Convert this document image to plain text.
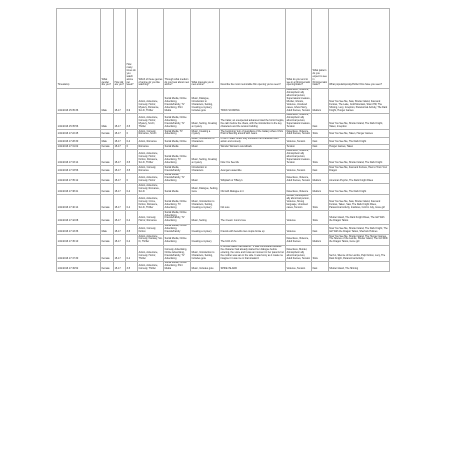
Timestamp	What gender are you?	How old are you?	How many times do you watch anime per week?	Which of these genres of anime do you like watching?	Through what medium do you hear about new anime?	What interests you in new anime?	Describe the most memorable film opening you've seen?	What do you tend to see in a film/cinematic opening/trailer?	What pattern do you expect to see in film/cinematic trailer?	What popular/spooky/thriller films have you seen?
1/21/2016 15:35:36	Male	15-17	6-9	Action, Adventure, Comedy, Horror, Mystery, Romance, Sci-Fi, Thriller	Social Media, Online Advertising, Friends/Family, TV Advertising, Print Media	Music, Dialogue, Introduction to Characters, Setting, Creating a mystery, Includes gore	TRICK SCORING	Detectives, Violence, Atmospheric ally abnormal person, Supernatural creature, Murder, Ghosts, Violence, Unsolved cases, Ghost Story, Adult themes, Tension	Medium	Now You See Me, Saw, Shutter Island, Fast and Furious, The Lake, Cold Mountain, Silent Hill, The Shining, Lucy, Inception, Paranormal Activity, The Dark Knight, Hunger Games
1/21/2016 15:35:56	Male	15-17	3-5	Action, Adventure, Comedy, Horror, Mystery, Sci-Fi, Thriller	Social Media, Online Advertising, Friends/Family, TV Advertising	Music, Setting, Creating a mystery	The trailer, an unexpected advanced road the horror begins, the calm before the chaos, with the introduction to the key characters and the tension building	Detectives, Violence, Atmospheric ally abnormal person, Supernatural creature, Tension	Fast	Now You See Me, Shutter Island, The Dark Knight, Taken, Inception
1/21/2016 17:22:45	Female	15-17	0	Action, Comedy, Romance, Sci-Fi	Social Media, TV Advertising	Music, Creating a mystery	The beginning 'turn of guardians of the Galaxy where Chris Pratt is dancing around with Jeans	Detectives, Violence, Adult themes, Tension	Slow	Now You See Me, Taken, Hunger Games
1/21/2016 17:28:30	Male	15-17	0-2	Action, Romance	Social Media, Online	Music, Introduction to Characters	In the 1 Team: when they introduce the characters with action and comedy	Violence, Tension	Fast	Now You See Me, The Dark Knight
1/21/2016 17:31:02	Female	15-17	0	Romance	Social Media	Music	Wonder Woman's soundtrack	Tension	Fast	Hunger Games, Taken
1/21/2016 17:33:14	Female	15-17	3-5	Action, Adventure, Comedy, Horror, Fiction, Romance, Sci-Fi, Thriller	Social Media, Online Advertising, TV Advertising	Music, Setting, Creating a mystery	Now You See Me	Detectives, Violence, Atmospheric ally abnormal person, Supernatural creature, Tension	Slow	Now You See Me, Shutter Island, The Dark Knight
1/21/2016 17:33:56	Female	15-17	3-5	Action, Comedy, Romance	Social Media, Friends/Family	Introduction to Characters	Avengers assemble	Violence, Tension	Fast	Now You See Me, Fast and Furious, How to Train Your Dragon
1/21/2016 17:35:12	Female	15-17	0	Action, Adventure, Comedy, Horror	Social Media, Friends/Family, TV Advertising	Music	Whiplash or Tiffany's	Detectives, Violence, Adult themes, Tension	Medium	American Psycho, The Dark Knight Rises
1/21/2016 17:38:41	Female	15-17	0-2	Action, Adventure, Comedy, Romance, Sci-Fi	Social Media	Music, Dialogue, Setting, Gore	Old with Dialogue in it	Detectives, Violence	Medium	Now You See Me, The Dark Knight
1/21/2016 17:40:14	Female	15-17	0-2	Action, Adventure, Comedy, Crime, Fiction, Romance, Sci-Fi, Thriller	Social Media, Online Advertising, TV Advertising	Music, Introduction to Characters, Setting, Creating a mystery	Not sure	Murder, Atmospheric ally abnormal person, Violence, Strong language, Unsolved cases, Tension	Slow	Now You See Me, Saw, Shutter Island, Fast and Furious, Taken, Saw, The Dark Knight Rises, Paranormal Activity, Insidious, Cold in July, Gone girl
1/21/2016 17:42:08	Female	15-17	0-2	Action, Comedy, Horror, Romance	Social Media, Online Advertising, Friends/Family, TV Advertising	Music, Setting	The 4 team: Juno's love	Violence	Slow	Shutter Island, The Dark Knight Rises, The Girl With the Dragon Tattoo
1/21/2016 17:43:36	Male	15-17	3-5	Action, Comedy, Fiction	Social Media, Online Advertising, Friends/Family	Creating a mystery	Friends with benefits two couple broke up	Violence	Fast	Now You See Me, Shutter Island, The Dark Knight, The Girl With the Dragon Tattoo, Sherlock Holmes
1/21/2016 17:45:10	Female	15-17	0-2	Action, Adventure, Comedy, Fantasy, Sci-Fi, Thriller	Social Media, Online Advertising	Creating a mystery	The birth of 2's	Detectives, Violence, Adult themes	Medium	Now You See Me, Shutter Island, The Hunger Games, The Silence of the Lambs, Shutter Island, The Girl With the Dragon Tattoo, Gone girl
1/21/2016 17:47:30	Female	15-17	0-2	Action, Adventure, Comedy, Horror, Thriller	Comedy, Advertising, Online Advertising, Friends/Family, TV Advertising	Music, Introduction to Characters, Setting, Includes gore	A zombie called 'bad teacher'. It was memorable because the character had already started her dialogue before entering, the voice and it was an innocent in her parents but the mother was sat on the side. It was funny as it made me imagine it it was me in that situation!	Detectives, Murder, Atmospheric ally abnormal person, Adult themes, Tension	Slow	Se7en, Silence of the Lambs, Pulp Fiction, Lucy, The Dark Knight, Paranormal Activity
1/21/2016 17:49:52	Female	15-17	3-5	Action, Adventure, Comedy, Thriller	Social Media, Online Advertising, Print Media	Music, Includes gore	SPIKE ISLAND	Violence, Tension	Fast	Shutter Island, The Shining
